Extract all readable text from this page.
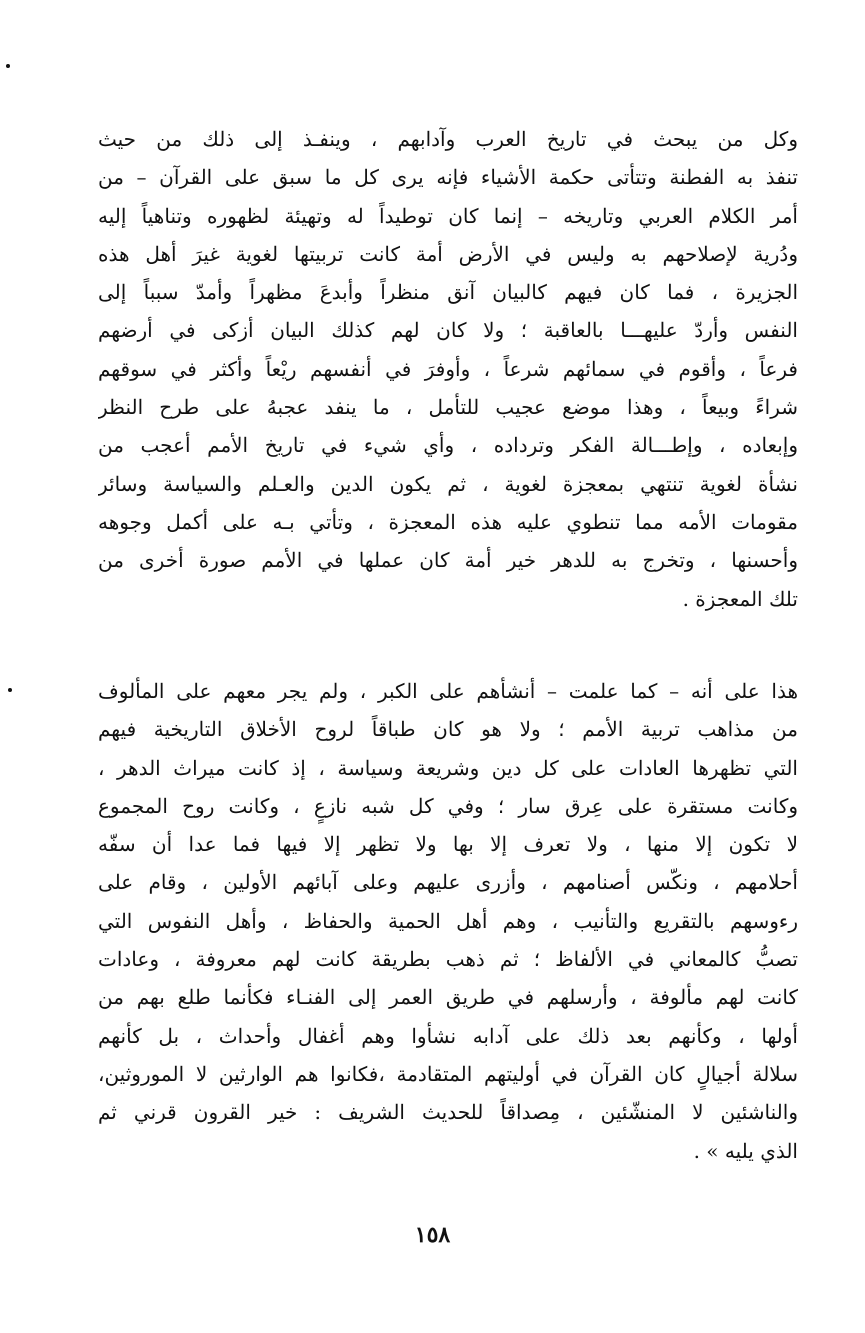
وكل من يبحث في تاريخ العرب وآدابهم ، وينفـذ إلى ذلك من حيث
تنفذ به الفطنة وتتأتى حكمة الأشياء فإنه يرى كل ما سبق على القرآن – من
أمر الكلام العربي وتاريخه – إنما كان توطيداً له وتهيئة لظهوره وتناهياً إليه
ودُرية لإصلاحهم به وليس في الأرض أمة كانت تربيتها لغوية غيرَ أهل هذه
الجزيرة ، فما كان فيهم كالبيان آنق منظراً وأبدعَ مظهراً وأمدّ سبباً إلى
النفس وأردّ عليهـــا بالعاقبة ؛ ولا كان لهم كذلك البيان أزكى في أرضهم
فرعاً ، وأقوم في سمائهم شرعاً ، وأوفرَ في أنفسهم ريْعاً وأكثر في سوقهم
شراءً وبيعاً ، وهذا موضع عجيب للتأمل ، ما ينفد عجبهُ على طرح النظر
وإبعاده ، وإطـــالة الفكر وترداده ، وأي شيء في تاريخ الأمم أعجب من
نشأة لغوية تنتهي بمعجزة لغوية ، ثم يكون الدين والعـلم والسياسة وسائر
مقومات الأمه مما تنطوي عليه هذه المعجزة ، وتأتي بـه على أكمل وجوهه
وأحسنها ، وتخرج به للدهر خير أمة كان عملها في الأمم صورة أخرى من
تلك المعجزة .
هذا على أنه – كما علمت – أنشأهم على الكبر ، ولم يجر معهم على المألوف
من مذاهب تربية الأمم ؛ ولا هو كان طباقاً لروح الأخلاق التاريخية فيهم
التي تظهرها العادات على كل دين وشريعة وسياسة ، إذ كانت ميراث الدهر ،
وكانت مستقرة على عِرق سار ؛ وفي كل شبه نازعٍ ، وكانت روح المجموع
لا تكون إلا منها ، ولا تعرف إلا بها ولا تظهر إلا فيها فما عدا أن سفّه
أحلامهم ، ونكّس أصنامهم ، وأزرى عليهم وعلى آبائهم الأولين ، وقام على
رءوسهم بالتقريع والتأنيب ، وهم أهل الحمية والحفاظ ، وأهل النفوس التي
تصبُّ كالمعاني في الألفاظ ؛ ثم ذهب بطريقة كانت لهم معروفة ، وعادات
كانت لهم مألوفة ، وأرسلهم في طريق العمر إلى الفنـاء فكأنما طلع بهم من
أولها ، وكأنهم بعد ذلك على آدابه نشأوا وهم أغفال وأحداث ، بل كأنهم
سلالة أجيالٍ كان القرآن في أوليتهم المتقادمة ،فكانوا هم الوارثين لا الموروثين،
والناشئين لا المنشّئين ، مِصداقاً للحديث الشريف : خير القرون قرني ثم
الذي يليه » .
١٥٨
